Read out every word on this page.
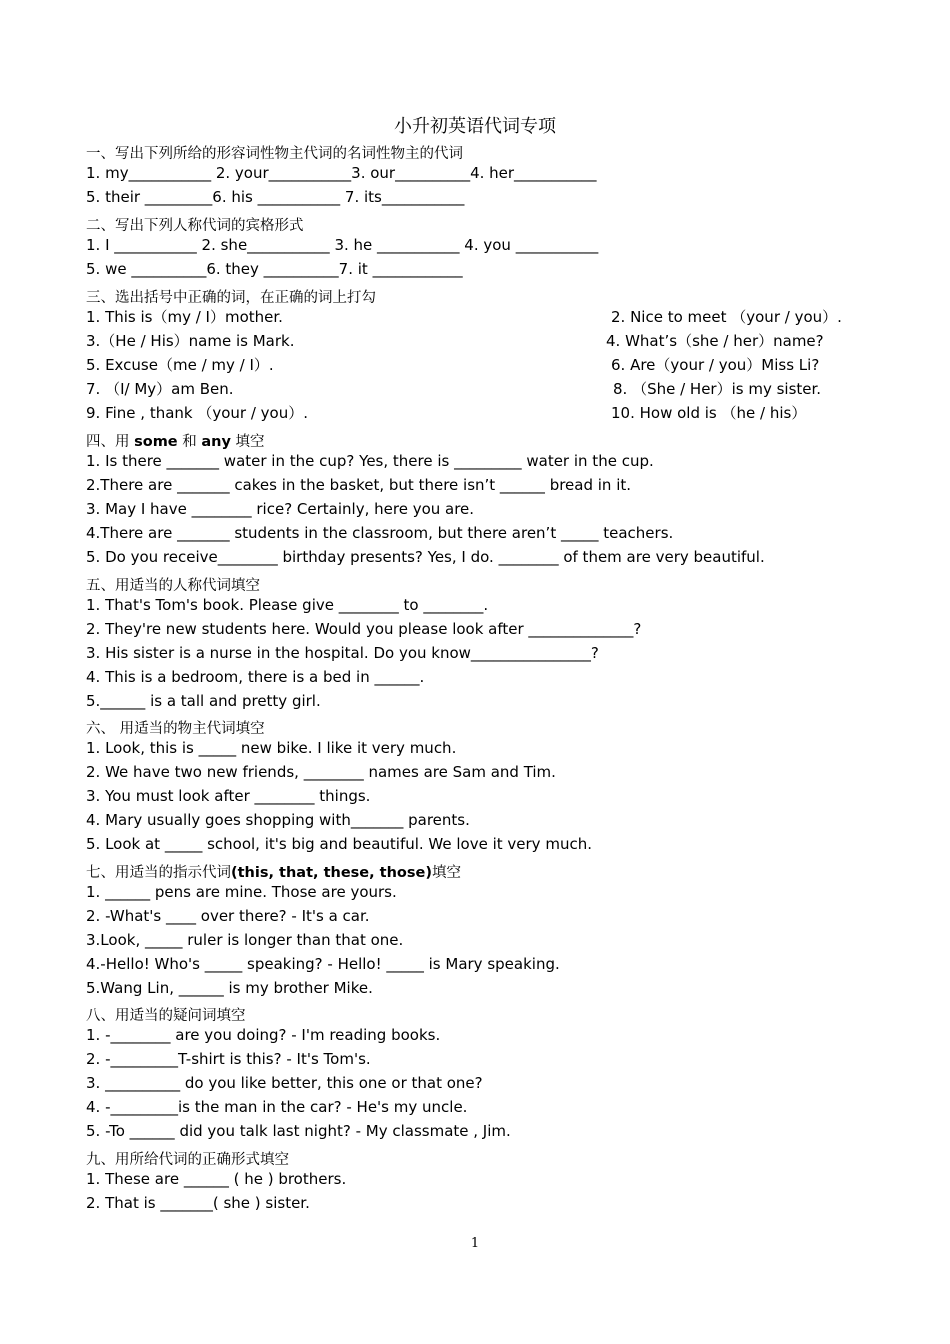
小升初英语代词专项
一、写出下列所给的形容词性物主代词的名词性物主的代词
1. my___________ 2. your___________3. our__________4. her___________
5. their _________6. his ___________ 7. its___________
二、写出下列人称代词的宾格形式
1. I ___________ 2. she___________ 3. he ___________ 4. you ___________
5. we __________6. they __________7. it ____________
三、选出括号中正确的词，在正确的词上打勾
1. This is（my / I）mother.	2. Nice to meet （your / you）.
3.（He / His）name is Mark.	4. What’s（she / her）name?
5. Excuse（me / my / I）.	6. Are（your / you）Miss Li?
7. （I/ My）am Ben.	8. （She / Her）is my sister.
9. Fine , thank （your / you）.	10. How old is （he / his）
四、用 some 和 any 填空
1. Is there _______ water in the cup? Yes, there is _________ water in the cup.
2.There are _______ cakes in the basket, but there isn’t ______ bread in it.
3. May I have ________ rice? Certainly, here you are.
4.There are _______ students in the classroom, but there aren’t _____ teachers.
5. Do you receive________ birthday presents? Yes, I do. ________ of them are very beautiful.
五、用适当的人称代词填空
1. That's Tom's book. Please give ________ to ________.
2. They're new students here. Would you please look after ______________?
3. His sister is a nurse in the hospital. Do you know________________?
4. This is a bedroom, there is a bed in ______.
5.______ is a tall and pretty girl.
六、 用适当的物主代词填空
1. Look, this is _____ new bike. I like it very much.
2. We have two new friends, ________ names are Sam and Tim.
3. You must look after ________ things.
4. Mary usually goes shopping with_______ parents.
5. Look at _____ school, it's big and beautiful. We love it very much.
七、用适当的指示代词(this, that, these, those)填空
1. ______ pens are mine. Those are yours.
2. -What's ____ over there? - It's a car.
3.Look, _____ ruler is longer than that one.
4.-Hello! Who's _____ speaking? - Hello! _____ is Mary speaking.
5.Wang Lin, ______ is my brother Mike.
八、用适当的疑问词填空
1. -________ are you doing? - I'm reading books.
2. -_________T-shirt is this? - It's Tom's.
3. __________ do you like better, this one or that one?
4. -_________is the man in the car? - He's my uncle.
5. -To ______ did you talk last night? - My classmate , Jim.
九、用所给代词的正确形式填空
1. These are ______ ( he ) brothers.
2. That is _______( she ) sister.
1
